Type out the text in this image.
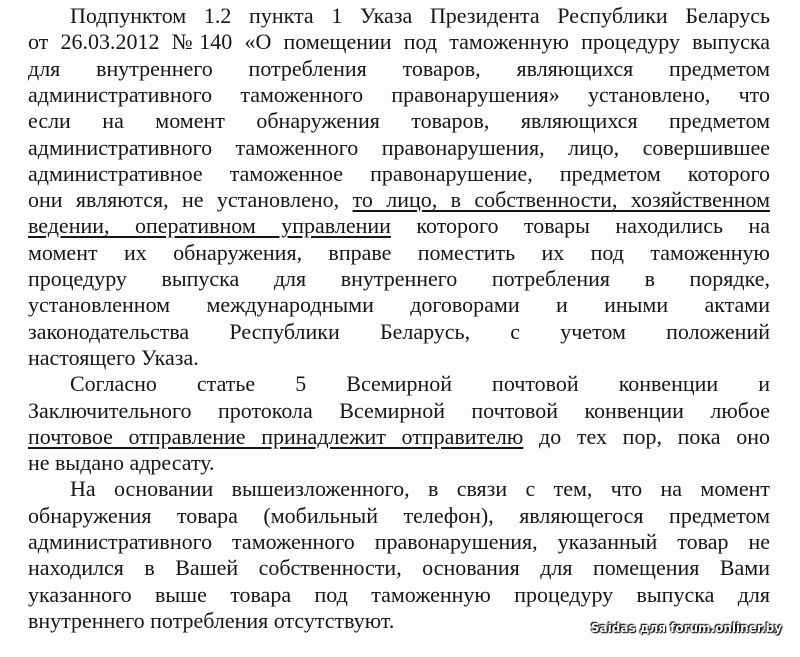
Подпунктом 1.2 пункта 1 Указа Президента Республики Беларусь
от 26.03.2012 №140 «О помещении под таможенную процедуру выпуска
для внутреннего потребления товаров, являющихся предметом
административного таможенного правонарушения» установлено, что
если на момент обнаружения товаров, являющихся предметом
административного таможенного правонарушения, лицо, совершившее
административное таможенное правонарушение, предметом которого
они являются, не установлено, то лицо, в собственности, хозяйственном
ведении, оперативном управлении которого товары находились на
момент их обнаружения, вправе поместить их под таможенную
процедуру выпуска для внутреннего потребления в порядке,
установленном международными договорами и иными актами
законодательства Республики Беларусь, с учетом положений
настоящего Указа.
Согласно статье 5 Всемирной почтовой конвенции и
Заключительного протокола Всемирной почтовой конвенции любое
почтовое отправление принадлежит отправителю до тех пор, пока оно
не выдано адресату.
На основании вышеизложенного, в связи с тем, что на момент
обнаружения товара (мобильный телефон), являющегося предметом
административного таможенного правонарушения, указанный товар не
находился в Вашей собственности, основания для помещения Вами
Saidas для forum.onliner.by
указанного выше товара под таможенную процедуру выпуска для
внутреннего потребления отсутствуют.
